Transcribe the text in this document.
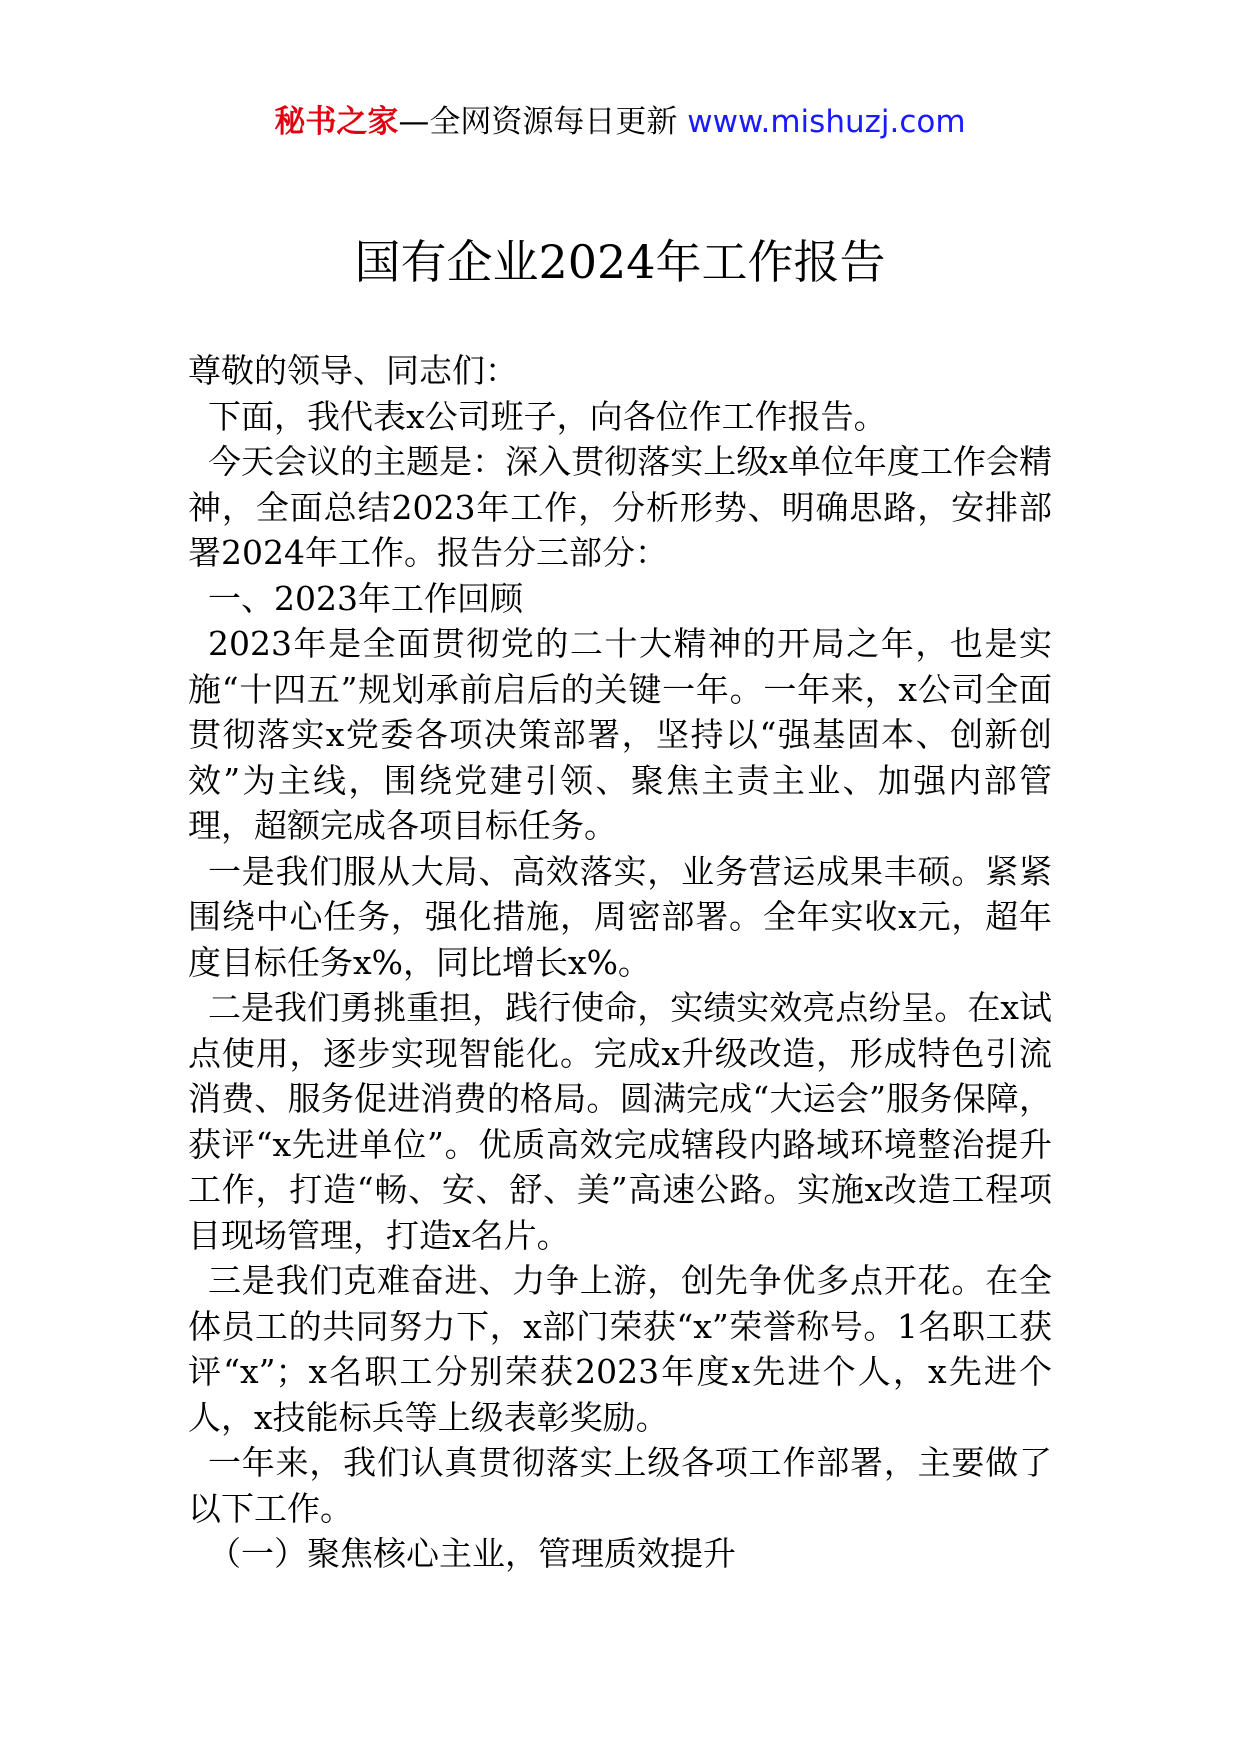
秘书之家—全网资源每日更新 www.mishuzj.com
国有企业2024年工作报告

尊敬的领导、同志们：

下面，我代表x公司班子，向各位作工作报告。

今天会议的主题是：深入贯彻落实上级x单位年度工作会精神，全面总结2023年工作，分析形势、明确思路，安排部署2024年工作。报告分三部分：

一、2023年工作回顾

2023年是全面贯彻党的二十大精神的开局之年，也是实施“十四五”规划承前启后的关键一年。一年来，x公司全面贯彻落实x党委各项决策部署，坚持以“强基固本、创新创效”为主线，围绕党建引领、聚焦主责主业、加强内部管理，超额完成各项目标任务。

一是我们服从大局、高效落实，业务营运成果丰硕。紧紧围绕中心任务，强化措施，周密部署。全年实收x元，超年度目标任务x%，同比增长x%。

二是我们勇挑重担，践行使命，实绩实效亮点纷呈。在x试点使用，逐步实现智能化。完成x升级改造，形成特色引流消费、服务促进消费的格局。圆满完成“大运会”服务保障，获评“x先进单位”。优质高效完成辖段内路域环境整治提升工作，打造“畅、安、舒、美”高速公路。实施x改造工程项目现场管理，打造x名片。

三是我们克难奋进、力争上游，创先争优多点开花。在全体员工的共同努力下，x部门荣获“x”荣誉称号。1名职工获评“x”；x名职工分别荣获2023年度x先进个人，x先进个人，x技能标兵等上级表彰奖励。

一年来，我们认真贯彻落实上级各项工作部署，主要做了以下工作。

（一）聚焦核心主业，管理质效提升
